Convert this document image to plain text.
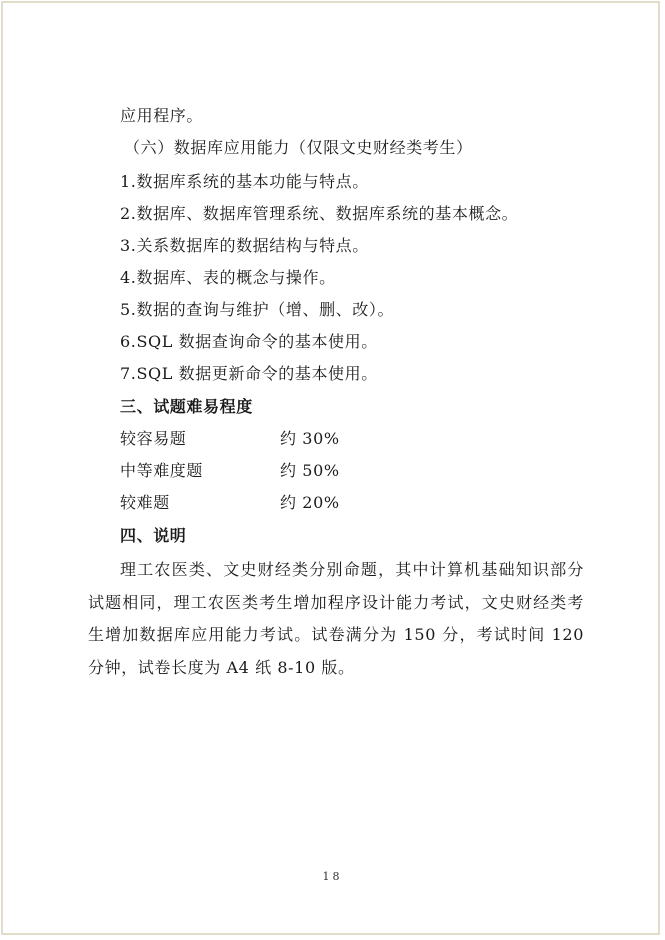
应用程序。
（六）数据库应用能力（仅限文史财经类考生）
1.数据库系统的基本功能与特点。
2.数据库、数据库管理系统、数据库系统的基本概念。
3.关系数据库的数据结构与特点。
4.数据库、表的概念与操作。
5.数据的查询与维护（增、删、改）。
6.SQL 数据查询命令的基本使用。
7.SQL 数据更新命令的基本使用。
三、试题难易程度
较容易题	约 30%
中等难度题	约 50%
较难题	约 20%
四、说明

理工农医类、文史财经类分别命题，其中计算机基础知识部分试题相同，理工农医类考生增加程序设计能力考试，文史财经类考生增加数据库应用能力考试。试卷满分为 150 分，考试时间 120 分钟，试卷长度为 A4 纸 8-10 版。

18
